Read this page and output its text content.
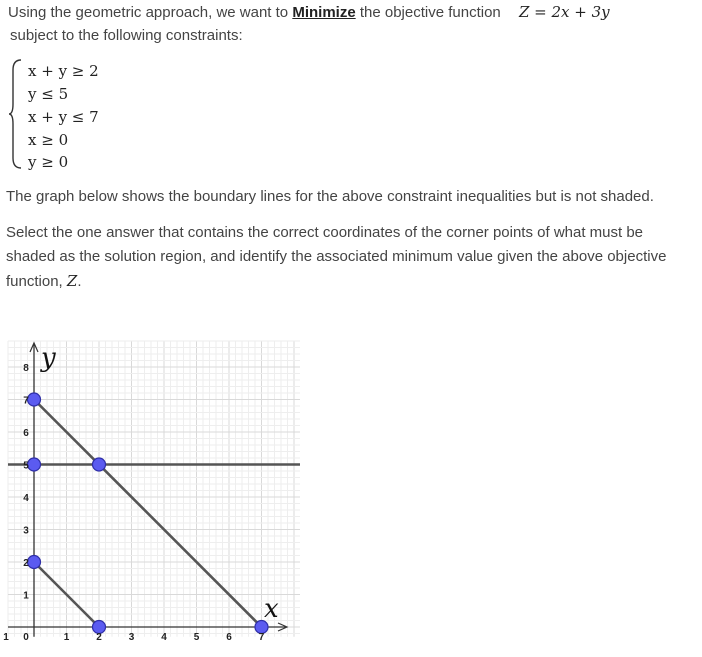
Using the geometric approach, we want to Minimize the objective function Z = 2x + 3y
subject to the following constraints:
x + y ≥ 2
y ≤ 5
x + y ≤ 7
x ≥ 0
y ≥ 0
The graph below shows the boundary lines for the above constraint inequalities but is not shaded.
Select the one answer that contains the correct coordinates of the corner points of what must be
shaded as the solution region, and identify the associated minimum value given the above objective
function, Z.
1 0	1	2	3	4	5	6	7
8
7
6
5
4
3
2
1	x
y
